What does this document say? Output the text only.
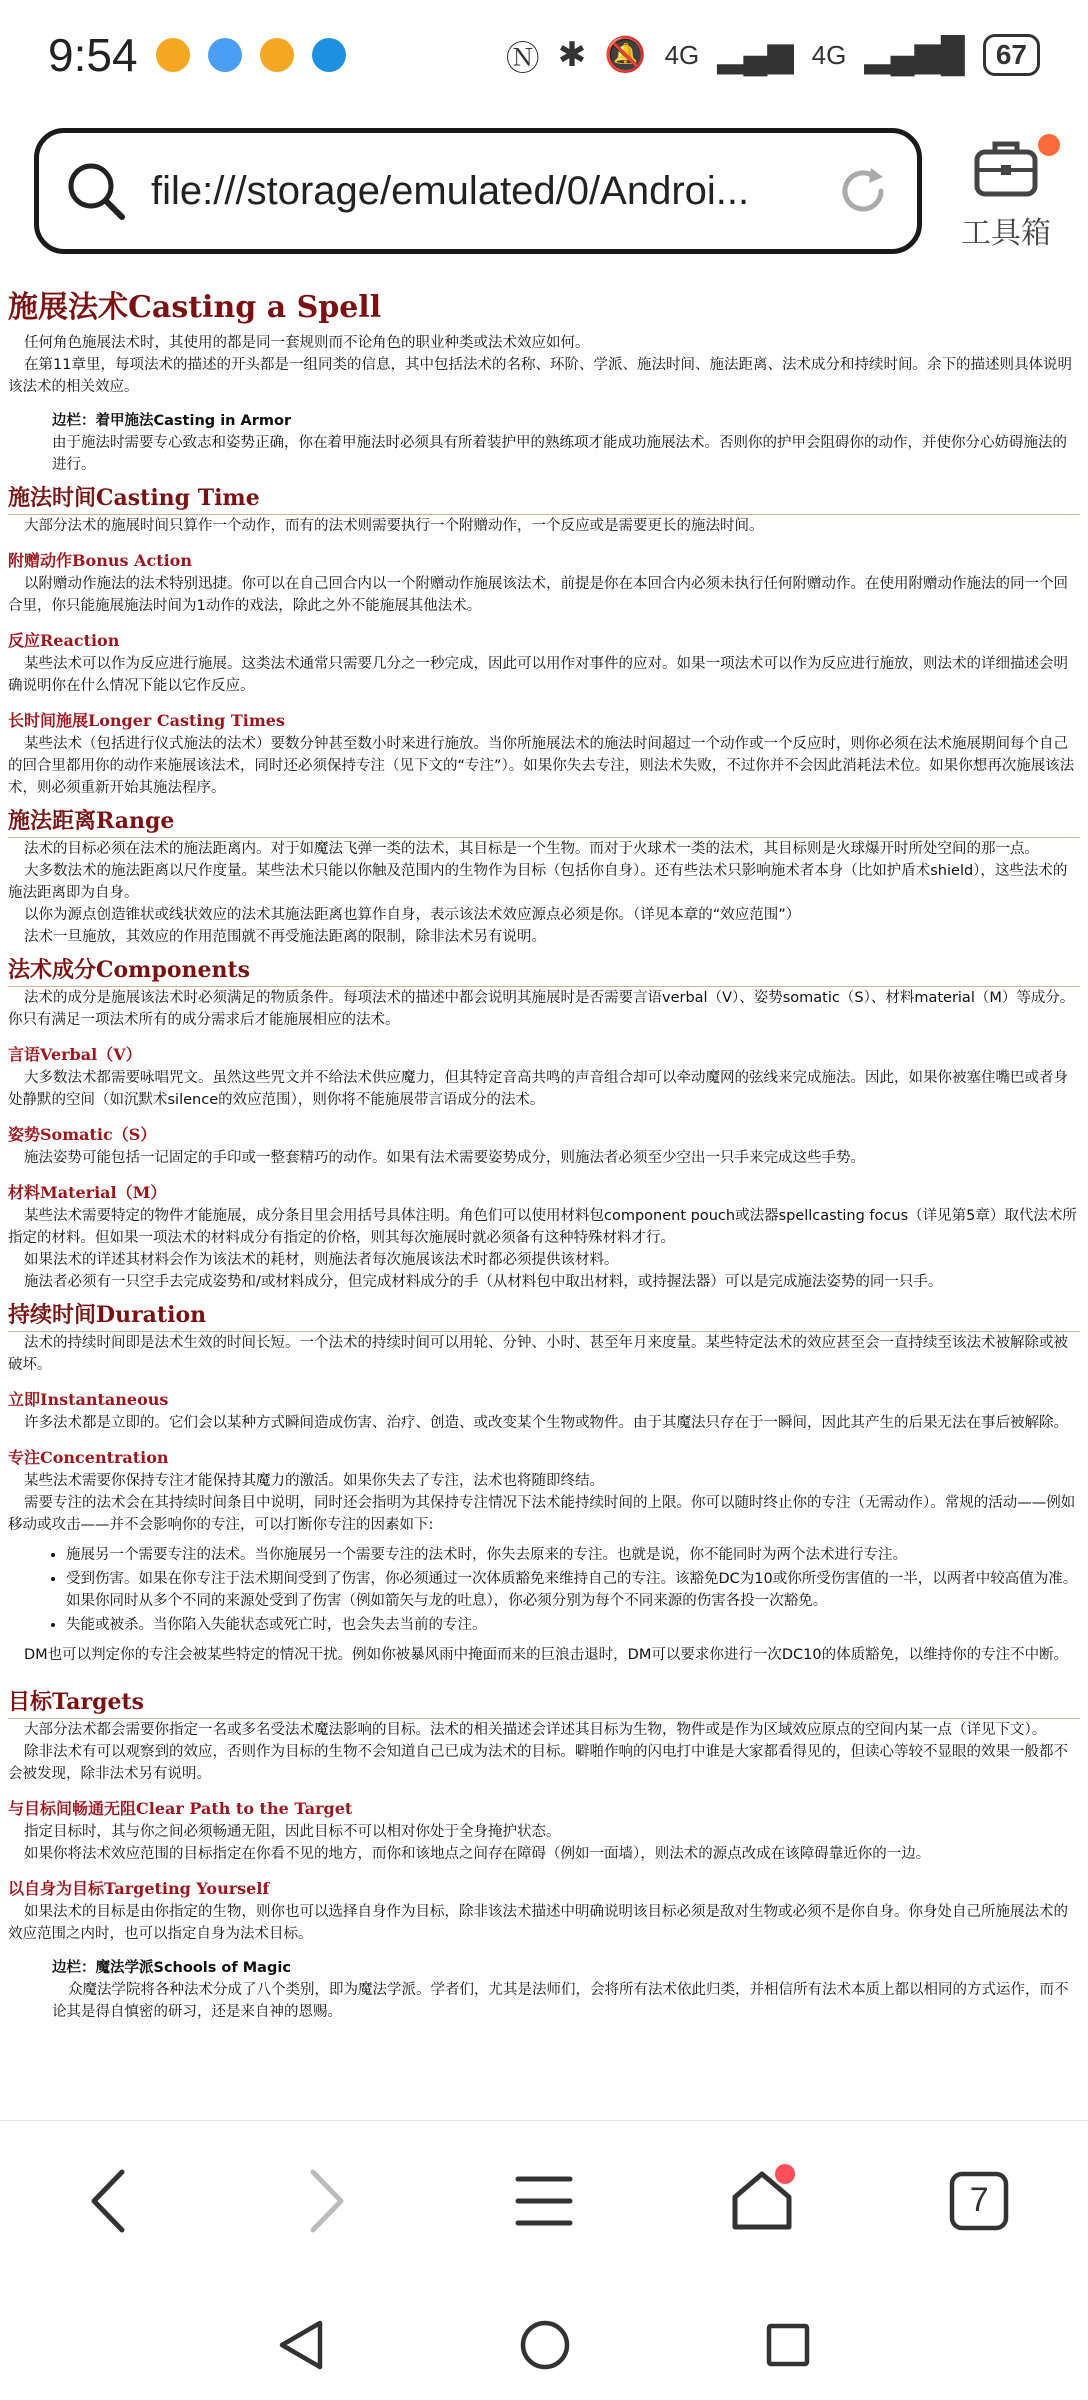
9:54	Ⓝ ✱ 🔕 4G ▂▄▆ 4G ▂▄▆█	67
file:///storage/emulated/0/Androi...
工具箱
施展法术Casting a Spell
任何角色施展法术时，其使用的都是同一套规则而不论角色的职业种类或法术效应如何。
在第11章里，每项法术的描述的开头都是一组同类的信息，其中包括法术的名称、环阶、学派、施法时间、施法距离、法术成分和持续时间。余下的描述则具体说明该法术的相关效应。
边栏：着甲施法Casting in Armor
由于施法时需要专心致志和姿势正确，你在着甲施法时必须具有所着装护甲的熟练项才能成功施展法术。否则你的护甲会阻碍你的动作，并使你分心妨碍施法的进行。
施法时间Casting Time
大部分法术的施展时间只算作一个动作，而有的法术则需要执行一个附赠动作，一个反应或是需要更长的施法时间。
附赠动作Bonus Action
以附赠动作施法的法术特别迅捷。你可以在自己回合内以一个附赠动作施展该法术，前提是你在本回合内必须未执行任何附赠动作。在使用附赠动作施法的同一个回合里，你只能施展施法时间为1动作的戏法，除此之外不能施展其他法术。
反应Reaction
某些法术可以作为反应进行施展。这类法术通常只需要几分之一秒完成，因此可以用作对事件的应对。如果一项法术可以作为反应进行施放，则法术的详细描述会明确说明你在什么情况下能以它作反应。
长时间施展Longer Casting Times
某些法术（包括进行仪式施法的法术）要数分钟甚至数小时来进行施放。当你所施展法术的施法时间超过一个动作或一个反应时，则你必须在法术施展期间每个自己的回合里都用你的动作来施展该法术，同时还必须保持专注（见下文的“专注”）。如果你失去专注，则法术失败，不过你并不会因此消耗法术位。如果你想再次施展该法术，则必须重新开始其施法程序。
施法距离Range
法术的目标必须在法术的施法距离内。对于如魔法飞弹一类的法术，其目标是一个生物。而对于火球术一类的法术，其目标则是火球爆开时所处空间的那一点。
大多数法术的施法距离以尺作度量。某些法术只能以你触及范围内的生物作为目标（包括你自身）。还有些法术只影响施术者本身（比如护盾术shield），这些法术的施法距离即为自身。
以你为源点创造锥状或线状效应的法术其施法距离也算作自身，表示该法术效应源点必须是你。（详见本章的“效应范围”）
法术一旦施放，其效应的作用范围就不再受施法距离的限制，除非法术另有说明。
法术成分Components
法术的成分是施展该法术时必须满足的物质条件。每项法术的描述中都会说明其施展时是否需要言语verbal（V）、姿势somatic（S）、材料material（M）等成分。你只有满足一项法术所有的成分需求后才能施展相应的法术。
言语Verbal（V）
大多数法术都需要咏唱咒文。虽然这些咒文并不给法术供应魔力，但其特定音高共鸣的声音组合却可以牵动魔网的弦线来完成施法。因此，如果你被塞住嘴巴或者身处静默的空间（如沉默术silence的效应范围），则你将不能施展带言语成分的法术。
姿势Somatic（S）
施法姿势可能包括一记固定的手印或一整套精巧的动作。如果有法术需要姿势成分，则施法者必须至少空出一只手来完成这些手势。
材料Material（M）
某些法术需要特定的物件才能施展，成分条目里会用括号具体注明。角色们可以使用材料包component pouch或法器spellcasting focus（详见第5章）取代法术所指定的材料。但如果一项法术的材料成分有指定的价格，则其每次施展时就必须备有这种特殊材料才行。
如果法术的详述其材料会作为该法术的耗材，则施法者每次施展该法术时都必须提供该材料。
施法者必须有一只空手去完成姿势和/或材料成分，但完成材料成分的手（从材料包中取出材料，或持握法器）可以是完成施法姿势的同一只手。
持续时间Duration
法术的持续时间即是法术生效的时间长短。一个法术的持续时间可以用轮、分钟、小时、甚至年月来度量。某些特定法术的效应甚至会一直持续至该法术被解除或被破坏。
立即Instantaneous
许多法术都是立即的。它们会以某种方式瞬间造成伤害、治疗、创造、或改变某个生物或物件。由于其魔法只存在于一瞬间，因此其产生的后果无法在事后被解除。
专注Concentration
某些法术需要你保持专注才能保持其魔力的激活。如果你失去了专注，法术也将随即终结。
需要专注的法术会在其持续时间条目中说明，同时还会指明为其保持专注情况下法术能持续时间的上限。你可以随时终止你的专注（无需动作）。常规的活动——例如移动或攻击——并不会影响你的专注，可以打断你专注的因素如下:
• 施展另一个需要专注的法术。当你施展另一个需要专注的法术时，你失去原来的专注。也就是说，你不能同时为两个法术进行专注。
• 受到伤害。如果在你专注于法术期间受到了伤害，你必须通过一次体质豁免来维持自己的专注。该豁免DC为10或你所受伤害值的一半，以两者中较高值为准。如果你同时从多个不同的来源处受到了伤害（例如箭矢与龙的吐息），你必须分别为每个不同来源的伤害各投一次豁免。
• 失能或被杀。当你陷入失能状态或死亡时，也会失去当前的专注。
DM也可以判定你的专注会被某些特定的情况干扰。例如你被暴风雨中掩面而来的巨浪击退时，DM可以要求你进行一次DC10的体质豁免，以维持你的专注不中断。
目标Targets
大部分法术都会需要你指定一名或多名受法术魔法影响的目标。法术的相关描述会详述其目标为生物，物件或是作为区域效应原点的空间内某一点（详见下文）。
除非法术有可以观察到的效应，否则作为目标的生物不会知道自己已成为法术的目标。噼啪作响的闪电打中谁是大家都看得见的，但读心等较不显眼的效果一般都不会被发现，除非法术另有说明。
与目标间畅通无阻Clear Path to the Target
指定目标时，其与你之间必须畅通无阻，因此目标不可以相对你处于全身掩护状态。
如果你将法术效应范围的目标指定在你看不见的地方，而你和该地点之间存在障碍（例如一面墙），则法术的源点改成在该障碍靠近你的一边。
以自身为目标Targeting Yourself
如果法术的目标是由你指定的生物，则你也可以选择自身作为目标，除非该法术描述中明确说明该目标必须是敌对生物或必须不是你自身。你身处自己所施展法术的效应范围之内时，也可以指定自身为法术目标。
边栏：魔法学派Schools of Magic
众魔法学院将各种法术分成了八个类别，即为魔法学派。学者们，尤其是法师们，会将所有法术依此归类，并相信所有法术本质上都以相同的方式运作，而不论其是得自慎密的研习，还是来自神的恩赐。
7
